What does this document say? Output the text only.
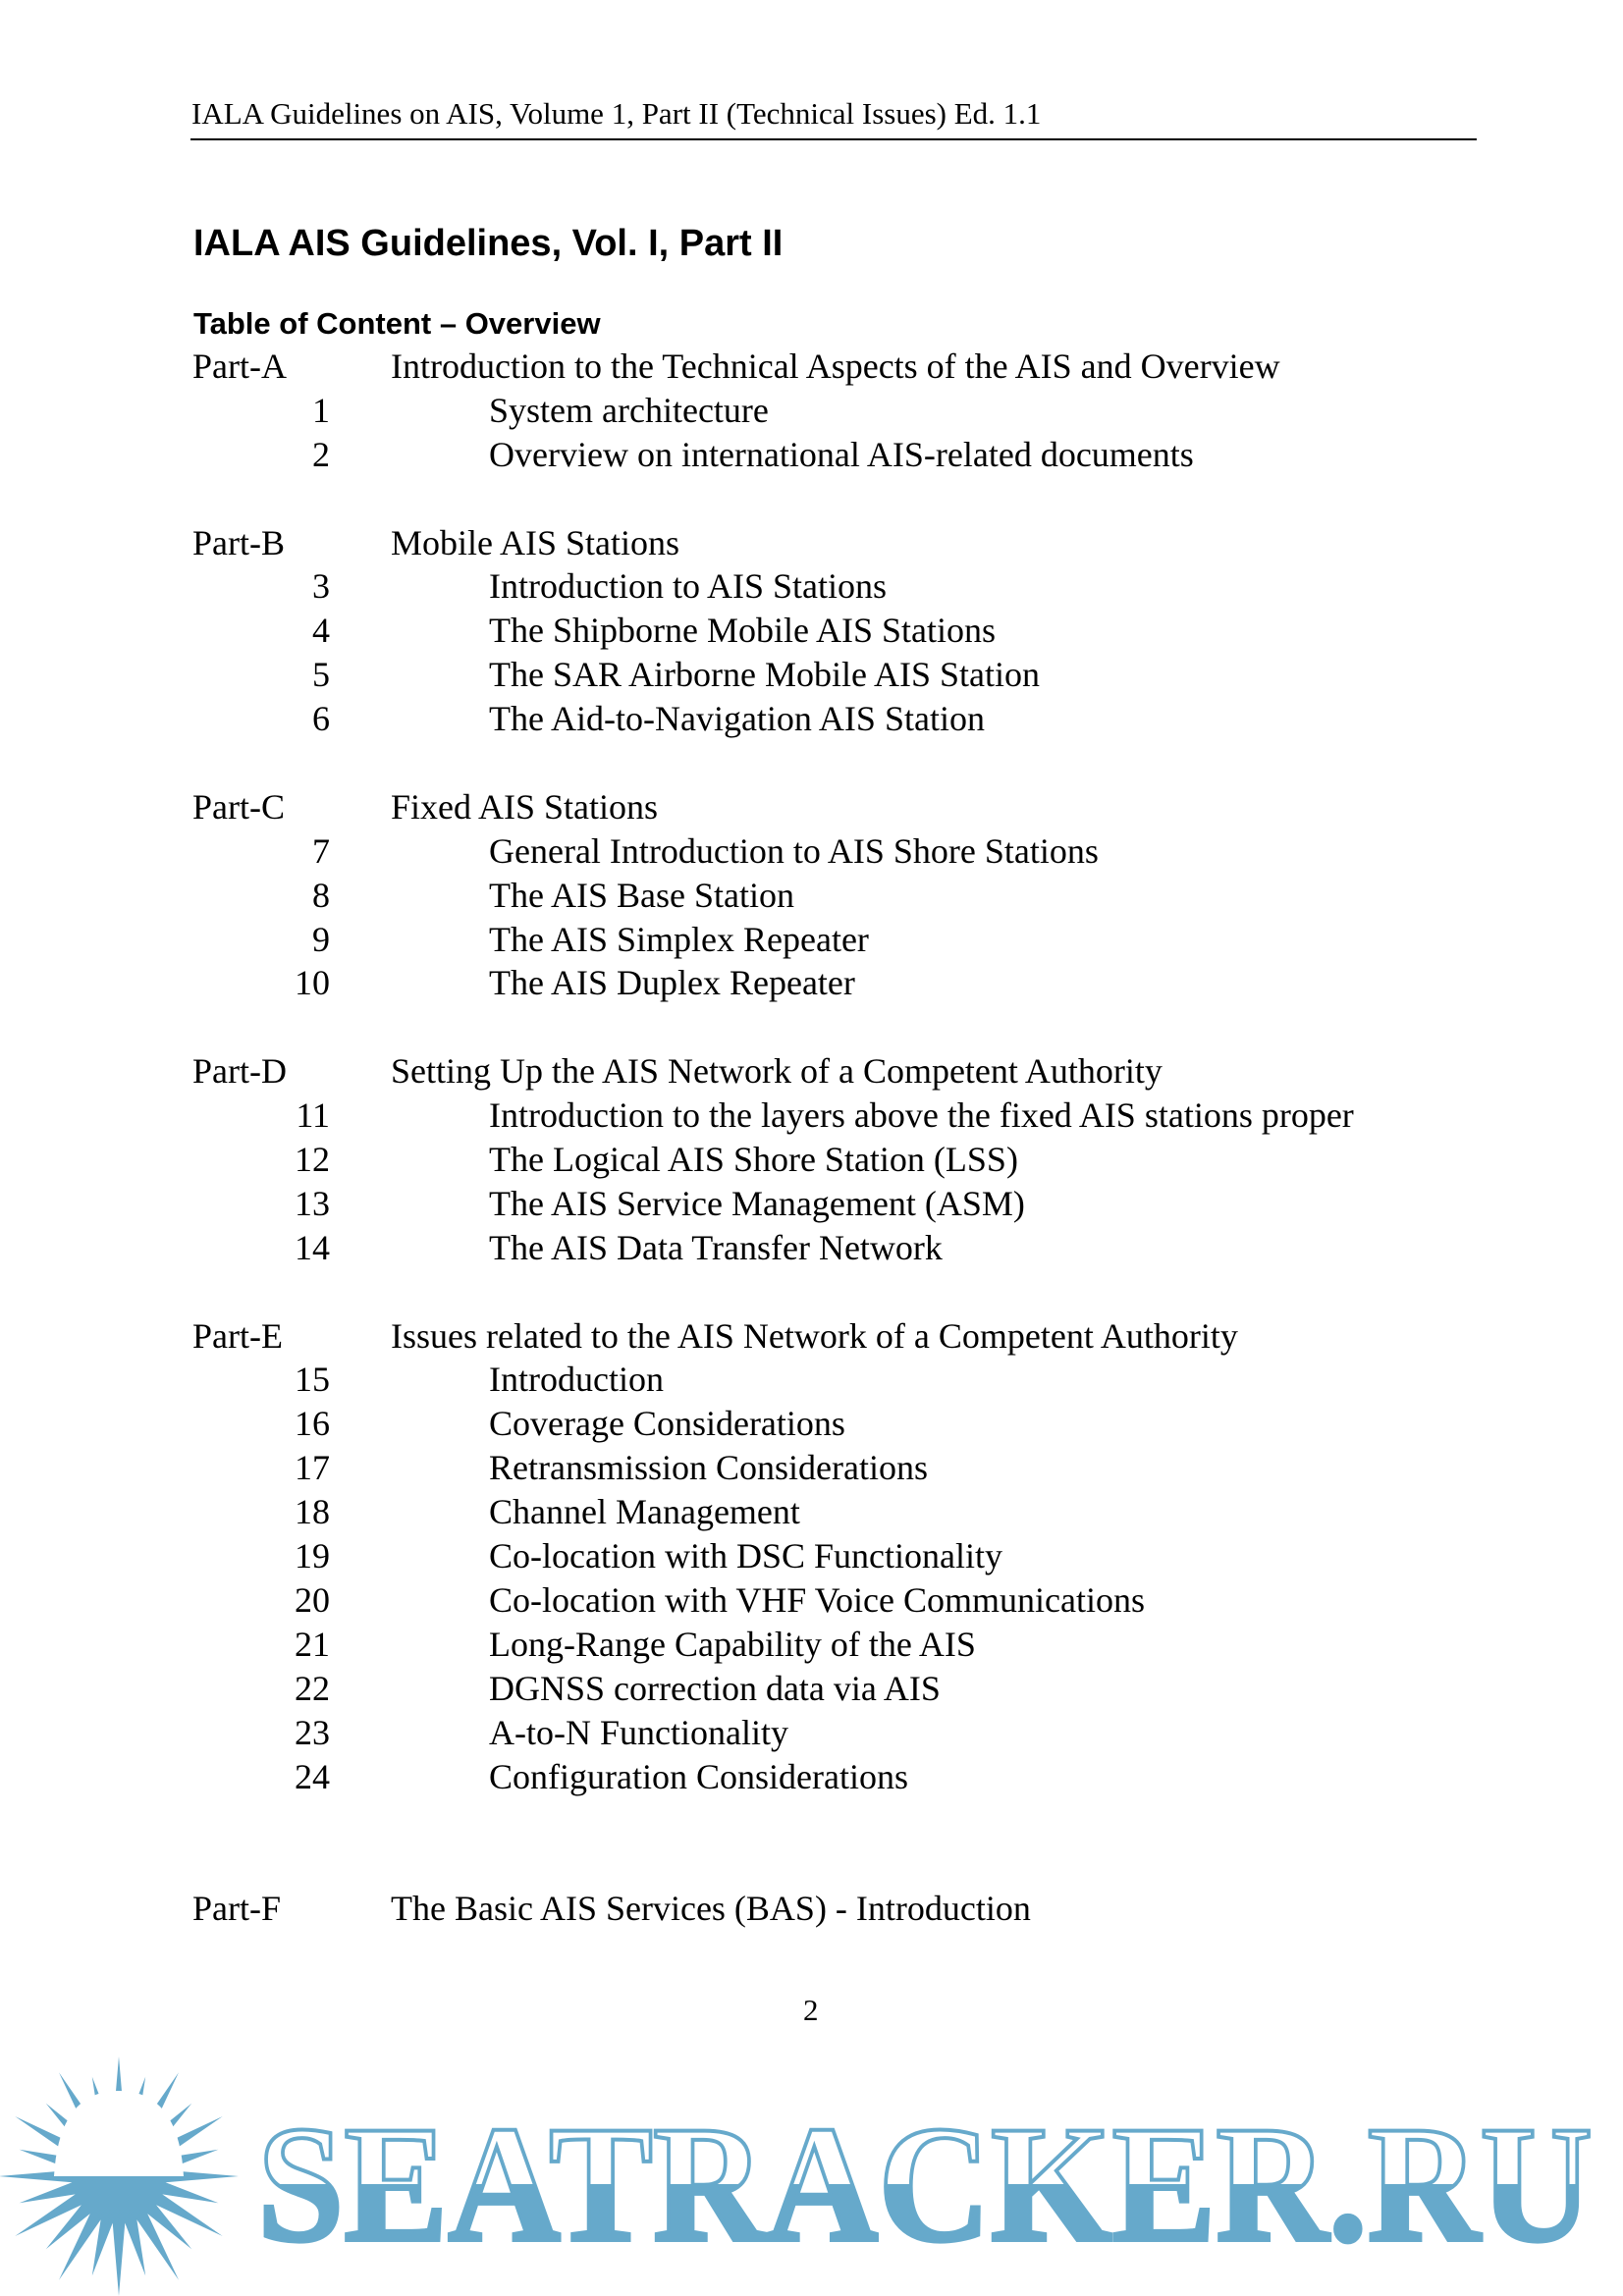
IALA Guidelines on AIS, Volume 1, Part II (Technical Issues) Ed. 1.1
IALA AIS Guidelines, Vol. I, Part II
Table of Content – Overview
Part-A	Introduction to the Technical Aspects of the AIS and Overview
1	System architecture
2	Overview on international AIS-related documents
Part-B	Mobile AIS Stations
3	Introduction to AIS Stations
4	The Shipborne Mobile AIS Stations
5	The SAR Airborne Mobile AIS Station
6	The Aid-to-Navigation AIS Station
Part-C	Fixed AIS Stations
7	General Introduction to AIS Shore Stations
8	The AIS Base Station
9	The AIS Simplex Repeater
10	The AIS Duplex Repeater
Part-D	Setting Up the AIS Network of a Competent Authority
11	Introduction to the layers above the fixed AIS stations proper
12	The Logical AIS Shore Station (LSS)
13	The AIS Service Management (ASM)
14	The AIS Data Transfer Network
Part-E	Issues related to the AIS Network of a Competent Authority
15	Introduction
16	Coverage Considerations
17	Retransmission Considerations
18	Channel Management
19	Co-location with DSC Functionality
20	Co-location with VHF Voice Communications
21	Long-Range Capability of the AIS
22	DGNSS correction data via AIS
23	A-to-N Functionality
24	Configuration Considerations
Part-F	The Basic AIS Services (BAS) - Introduction
2
SEATRACKER.RU
